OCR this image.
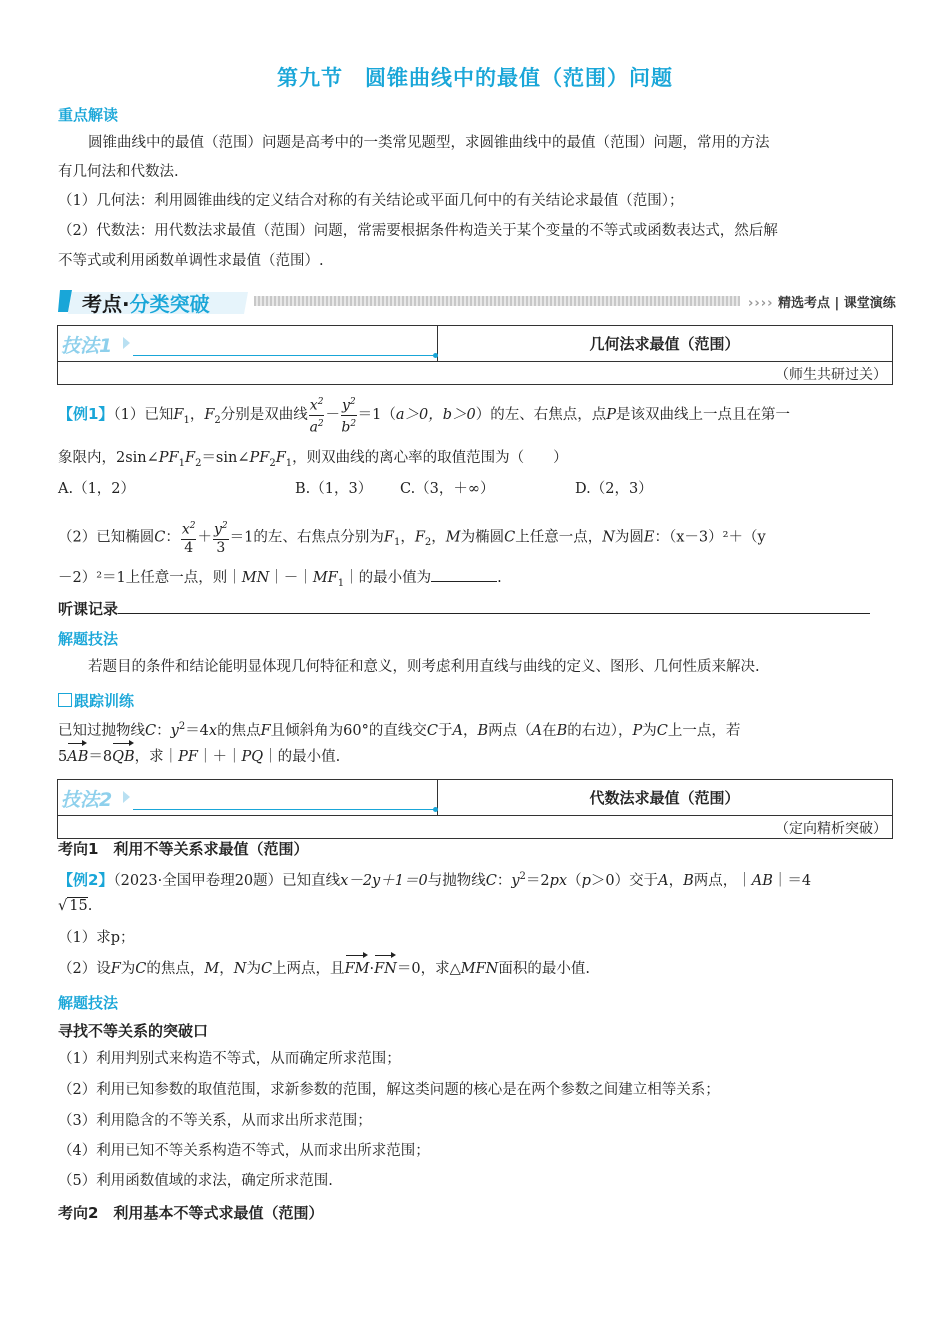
第九节　圆锥曲线中的最值（范围）问题
重点解读
圆锥曲线中的最值（范围）问题是高考中的一类常见题型，求圆锥曲线中的最值（范围）问题，常用的方法
有几何法和代数法.
（1）几何法：利用圆锥曲线的定义结合对称的有关结论或平面几何中的有关结论求最值（范围）；
（2）代数法：用代数法求最值（范围）问题，常需要根据条件构造关于某个变量的不等式或函数表达式，然后解
不等式或利用函数单调性求最值（范围）.
考点·分类突破	›››› 精选考点 | 课堂演练
技法1	几何法求最值（范围）
（师生共研过关）
【例1】（1）已知$F_1$，$F_2$分别是双曲线 $\frac{x^2}{a^2} - \frac{y^2}{b^2} =1(a>0$，b＞0）的左、右焦点，点P是该双曲线上一点且在第一
象限内，$2\sin\angle PF_1F_2=\sin\angle PF_2F_1$，则双曲线的离心率的取值范围为（　　）
A.（1，2）	B.（1，3） C.（3，＋∞）	D.（2，3）
（2）已知椭圆C： $\frac{x^2}{4} + \frac{y^2}{3} =1$的左、右焦点分别为$F_1$，$F_2$，M为椭圆C上任意一点，N为圆E：（x－3）²＋（y
－2）²＝1上任意一点，则$|MN|-|MF_1|$的最小值为	.
听课记录
解题技法
若题目的条件和结论能明显体现几何特征和意义，则考虑利用直线与曲线的定义、图形、几何性质来解决.
跟踪训练
已知过抛物线C：$y^2=4x$的焦点F且倾斜角为60°的直线交C于A，B两点（A在B的右边），P为C上一点，若
5AB＝8QB，求｜PF｜＋｜PQ｜的最小值.
技法2	代数法求最值（范围）
（定向精析突破）
考向1　利用不等关系求最值（范围）
【例2】（2023·全国甲卷理20题）已知直线x－2y＋1＝0与抛物线C：$y^2=2px(p>0)$交于A，B两点，｜AB｜＝4
√ 15.
（1）求p；
（2）设F为C的焦点，M，N为C上两点，且FM·FN＝0，求△MFN面积的最小值.
解题技法
寻找不等关系的突破口
（1）利用判别式来构造不等式，从而确定所求范围；
（2）利用已知参数的取值范围，求新参数的范围，解这类问题的核心是在两个参数之间建立相等关系；
（3）利用隐含的不等关系，从而求出所求范围；
（4）利用已知不等关系构造不等式，从而求出所求范围；
（5）利用函数值域的求法，确定所求范围.
考向2　利用基本不等式求最值（范围）
